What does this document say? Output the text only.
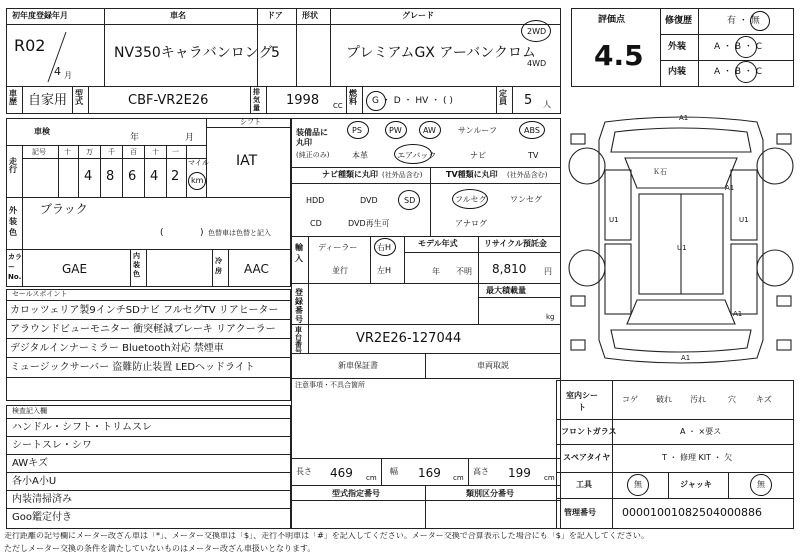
初年度登録年月
R02
4 月
車名
NV350キャラバンロング
ドア
5
形状	グレード
プレミアムGX アーバンクロム
2WD
4WD
車歴 自家用 型式	CBF-VR2E26
排気量 1998 CC
燃料 G ・ D ・ HV ・ ( )
定員 5 人
評価点
4.5
修復歴	有 ・ 無
外装	A ・ B ・ C
内装	A ・ B ・ C
A1
A1
A1
A1
U1	U1
U1
Ｋ石
車検
年	月
シフト
IAT
走行
記号	十 万 千 百 十 一
4 8 6 4 2
マイル
km
装備品に丸印
(純正のみ)
PS	PW	AW	サンルーフ	ABS
本革	エアバック	ナビ	TV
ナビ種類に丸印 (社外品含む)	TV種類に丸印 (社外品含む)
HDD	DVD	SD
CD	DVD再生可
フルセグ	ワンセグ
アナログ
外装色
ブラック
(	) 色替車は色替と記入
カラーNo.
GAE
内装色
冷房 AAC
輸入
ディーラー
並行
右H
左H
モデル年式
年 不明
リサイクル預託金
8,810 円
登録番号
最大積載量
kg
車台番号
VR2E26-127044
新車保証書	車両取説
注意事項・不具合箇所
セールスポイント
カロッツェリア製9インチSDナビ フルセグTV リアヒーター
アラウンドビューモニター 衝突軽減ブレーキ リアクーラー
デジタルインナーミラー Bluetooth対応 禁煙車
ミュージックサーバー 盗難防止装置 LEDヘッドライト
検査記入欄
ハンドル・シフト・トリムスレ
シートスレ・シワ
AWキズ
各小A小U
内装清掃済み
Goo鑑定付き
長さ 469 cm
幅 169 cm
高さ 199 cm
型式指定番号	類別区分番号
室内シート
コゲ 破れ 汚れ	穴	キズ
フロントガラス	A ・ ×要ス
スペアタイヤ	T ・ 修理 KIT ・ 欠
工具	無	ジャッキ	無
管理番号 00001001082504000886
走行距離の記号欄にメーター改ざん車は「*」、メーター交換車は「$」、走行不明車は「#」を記入してください。メーター交換で合算表示した場合にも「$」を記入してください。
ただしメーター交換の条件を満たしていないものはメーター改ざん車扱いとなります。
